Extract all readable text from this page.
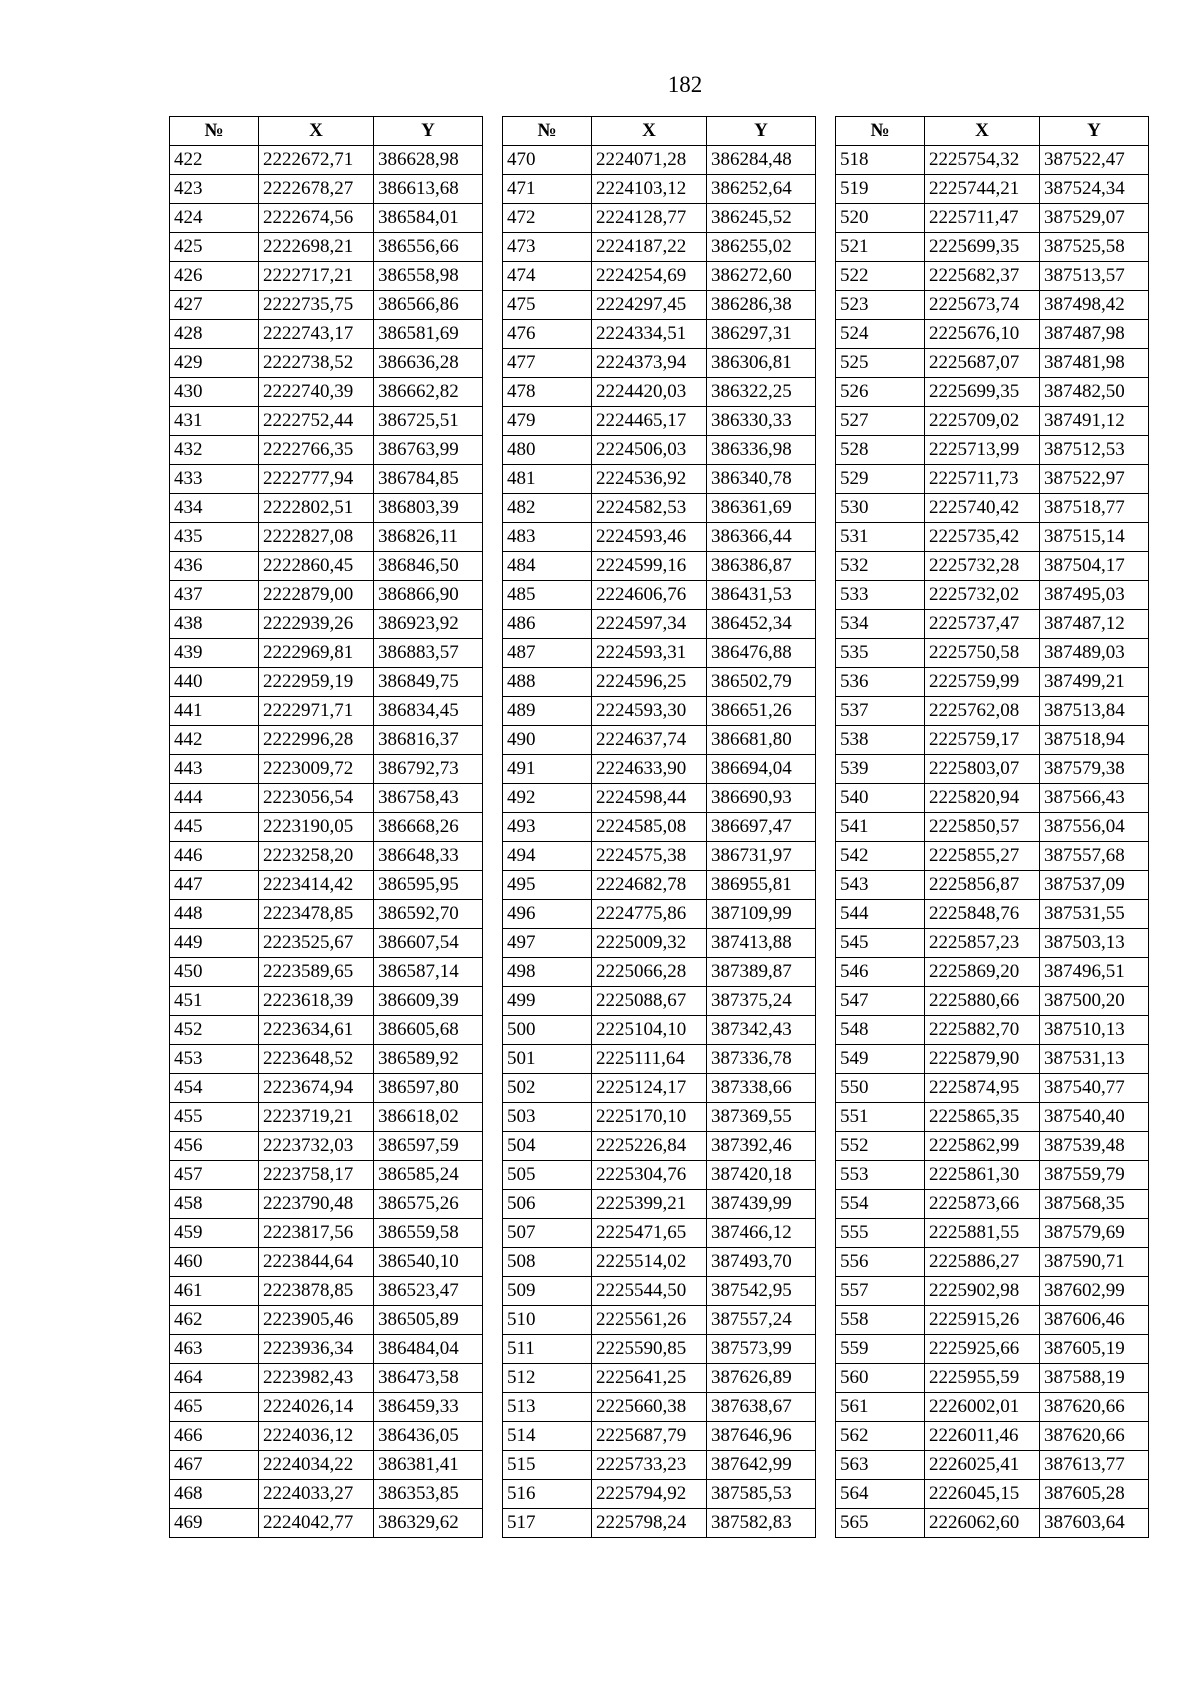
182
№	X	Y
422	2222672,71	386628,98
423	2222678,27	386613,68
424	2222674,56	386584,01
425	2222698,21	386556,66
426	2222717,21	386558,98
427	2222735,75	386566,86
428	2222743,17	386581,69
429	2222738,52	386636,28
430	2222740,39	386662,82
431	2222752,44	386725,51
432	2222766,35	386763,99
433	2222777,94	386784,85
434	2222802,51	386803,39
435	2222827,08	386826,11
436	2222860,45	386846,50
437	2222879,00	386866,90
438	2222939,26	386923,92
439	2222969,81	386883,57
440	2222959,19	386849,75
441	2222971,71	386834,45
442	2222996,28	386816,37
443	2223009,72	386792,73
444	2223056,54	386758,43
445	2223190,05	386668,26
446	2223258,20	386648,33
447	2223414,42	386595,95
448	2223478,85	386592,70
449	2223525,67	386607,54
450	2223589,65	386587,14
451	2223618,39	386609,39
452	2223634,61	386605,68
453	2223648,52	386589,92
454	2223674,94	386597,80
455	2223719,21	386618,02
456	2223732,03	386597,59
457	2223758,17	386585,24
458	2223790,48	386575,26
459	2223817,56	386559,58
460	2223844,64	386540,10
461	2223878,85	386523,47
462	2223905,46	386505,89
463	2223936,34	386484,04
464	2223982,43	386473,58
465	2224026,14	386459,33
466	2224036,12	386436,05
467	2224034,22	386381,41
468	2224033,27	386353,85
469	2224042,77	386329,62
№	X	Y
470	2224071,28	386284,48
471	2224103,12	386252,64
472	2224128,77	386245,52
473	2224187,22	386255,02
474	2224254,69	386272,60
475	2224297,45	386286,38
476	2224334,51	386297,31
477	2224373,94	386306,81
478	2224420,03	386322,25
479	2224465,17	386330,33
480	2224506,03	386336,98
481	2224536,92	386340,78
482	2224582,53	386361,69
483	2224593,46	386366,44
484	2224599,16	386386,87
485	2224606,76	386431,53
486	2224597,34	386452,34
487	2224593,31	386476,88
488	2224596,25	386502,79
489	2224593,30	386651,26
490	2224637,74	386681,80
491	2224633,90	386694,04
492	2224598,44	386690,93
493	2224585,08	386697,47
494	2224575,38	386731,97
495	2224682,78	386955,81
496	2224775,86	387109,99
497	2225009,32	387413,88
498	2225066,28	387389,87
499	2225088,67	387375,24
500	2225104,10	387342,43
501	2225111,64	387336,78
502	2225124,17	387338,66
503	2225170,10	387369,55
504	2225226,84	387392,46
505	2225304,76	387420,18
506	2225399,21	387439,99
507	2225471,65	387466,12
508	2225514,02	387493,70
509	2225544,50	387542,95
510	2225561,26	387557,24
511	2225590,85	387573,99
512	2225641,25	387626,89
513	2225660,38	387638,67
514	2225687,79	387646,96
515	2225733,23	387642,99
516	2225794,92	387585,53
517	2225798,24	387582,83
№	X	Y
518	2225754,32	387522,47
519	2225744,21	387524,34
520	2225711,47	387529,07
521	2225699,35	387525,58
522	2225682,37	387513,57
523	2225673,74	387498,42
524	2225676,10	387487,98
525	2225687,07	387481,98
526	2225699,35	387482,50
527	2225709,02	387491,12
528	2225713,99	387512,53
529	2225711,73	387522,97
530	2225740,42	387518,77
531	2225735,42	387515,14
532	2225732,28	387504,17
533	2225732,02	387495,03
534	2225737,47	387487,12
535	2225750,58	387489,03
536	2225759,99	387499,21
537	2225762,08	387513,84
538	2225759,17	387518,94
539	2225803,07	387579,38
540	2225820,94	387566,43
541	2225850,57	387556,04
542	2225855,27	387557,68
543	2225856,87	387537,09
544	2225848,76	387531,55
545	2225857,23	387503,13
546	2225869,20	387496,51
547	2225880,66	387500,20
548	2225882,70	387510,13
549	2225879,90	387531,13
550	2225874,95	387540,77
551	2225865,35	387540,40
552	2225862,99	387539,48
553	2225861,30	387559,79
554	2225873,66	387568,35
555	2225881,55	387579,69
556	2225886,27	387590,71
557	2225902,98	387602,99
558	2225915,26	387606,46
559	2225925,66	387605,19
560	2225955,59	387588,19
561	2226002,01	387620,66
562	2226011,46	387620,66
563	2226025,41	387613,77
564	2226045,15	387605,28
565	2226062,60	387603,64
